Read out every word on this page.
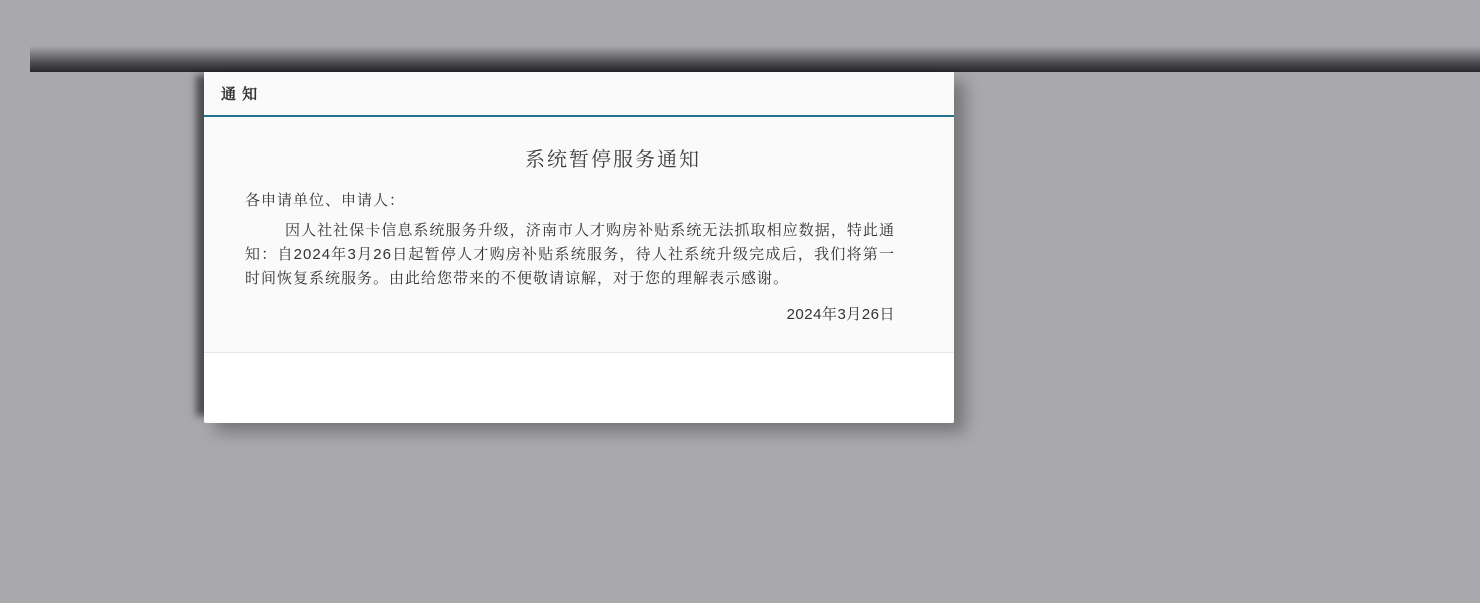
通 知
系统暂停服务通知
各申请单位、申请人：
因人社社保卡信息系统服务升级，济南市人才购房补贴系统无法抓取相应数据，特此通知：自2024年3月26日起暂停人才购房补贴系统服务，待人社系统升级完成后，我们将第一时间恢复系统服务。由此给您带来的不便敬请谅解，对于您的理解表示感谢。
2024年3月26日
